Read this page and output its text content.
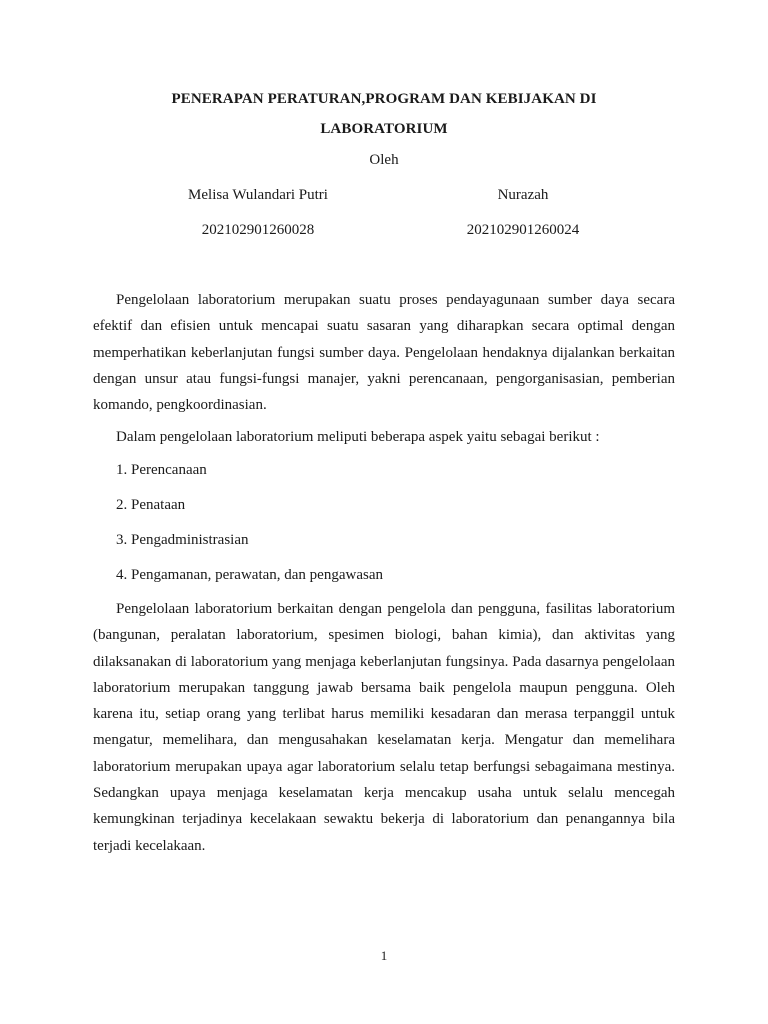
PENERAPAN PERATURAN,PROGRAM DAN KEBIJAKAN DI
LABORATORIUM
Oleh
Melisa Wulandari Putri	Nurazah
202102901260028	202102901260024

Pengelolaan laboratorium merupakan suatu proses pendayagunaan sumber daya secara efektif dan efisien untuk mencapai suatu sasaran yang diharapkan secara optimal dengan memperhatikan keberlanjutan fungsi sumber daya. Pengelolaan hendaknya dijalankan berkaitan dengan unsur atau fungsi-fungsi manajer, yakni perencanaan, pengorganisasian, pemberian komando, pengkoordinasian.

Dalam pengelolaan laboratorium meliputi beberapa aspek yaitu sebagai berikut :

1. Perencanaan
2. Penataan
3. Pengadministrasian
4. Pengamanan, perawatan, dan pengawasan

Pengelolaan laboratorium berkaitan dengan pengelola dan pengguna, fasilitas laboratorium (bangunan, peralatan laboratorium, spesimen biologi, bahan kimia), dan aktivitas yang dilaksanakan di laboratorium yang menjaga keberlanjutan fungsinya. Pada dasarnya pengelolaan laboratorium merupakan tanggung jawab bersama baik pengelola maupun pengguna. Oleh karena itu, setiap orang yang terlibat harus memiliki kesadaran dan merasa terpanggil untuk mengatur, memelihara, dan mengusahakan keselamatan kerja. Mengatur dan memelihara laboratorium merupakan upaya agar laboratorium selalu tetap berfungsi sebagaimana mestinya. Sedangkan upaya menjaga keselamatan kerja mencakup usaha untuk selalu mencegah kemungkinan terjadinya kecelakaan sewaktu bekerja di laboratorium dan penangannya bila terjadi kecelakaan.

1
